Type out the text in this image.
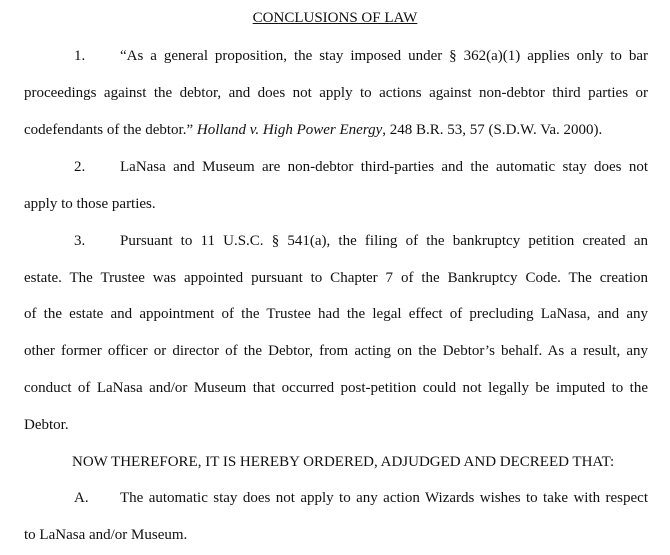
CONCLUSIONS OF LAW
1. “As a general proposition, the stay imposed under § 362(a)(1) applies only to bar
proceedings against the debtor, and does not apply to actions against non-debtor third parties or
codefendants of the debtor.” Holland v. High Power Energy, 248 B.R. 53, 57 (S.D.W. Va. 2000).
2. LaNasa and Museum are non-debtor third-parties and the automatic stay does not
apply to those parties.
3. Pursuant to 11 U.S.C. § 541(a), the filing of the bankruptcy petition created an
estate. The Trustee was appointed pursuant to Chapter 7 of the Bankruptcy Code. The creation
of the estate and appointment of the Trustee had the legal effect of precluding LaNasa, and any
other former officer or director of the Debtor, from acting on the Debtor’s behalf. As a result, any
conduct of LaNasa and/or Museum that occurred post-petition could not legally be imputed to the
Debtor.
NOW THEREFORE, IT IS HEREBY ORDERED, ADJUDGED AND DECREED THAT:
A. The automatic stay does not apply to any action Wizards wishes to take with respect
to LaNasa and/or Museum.
